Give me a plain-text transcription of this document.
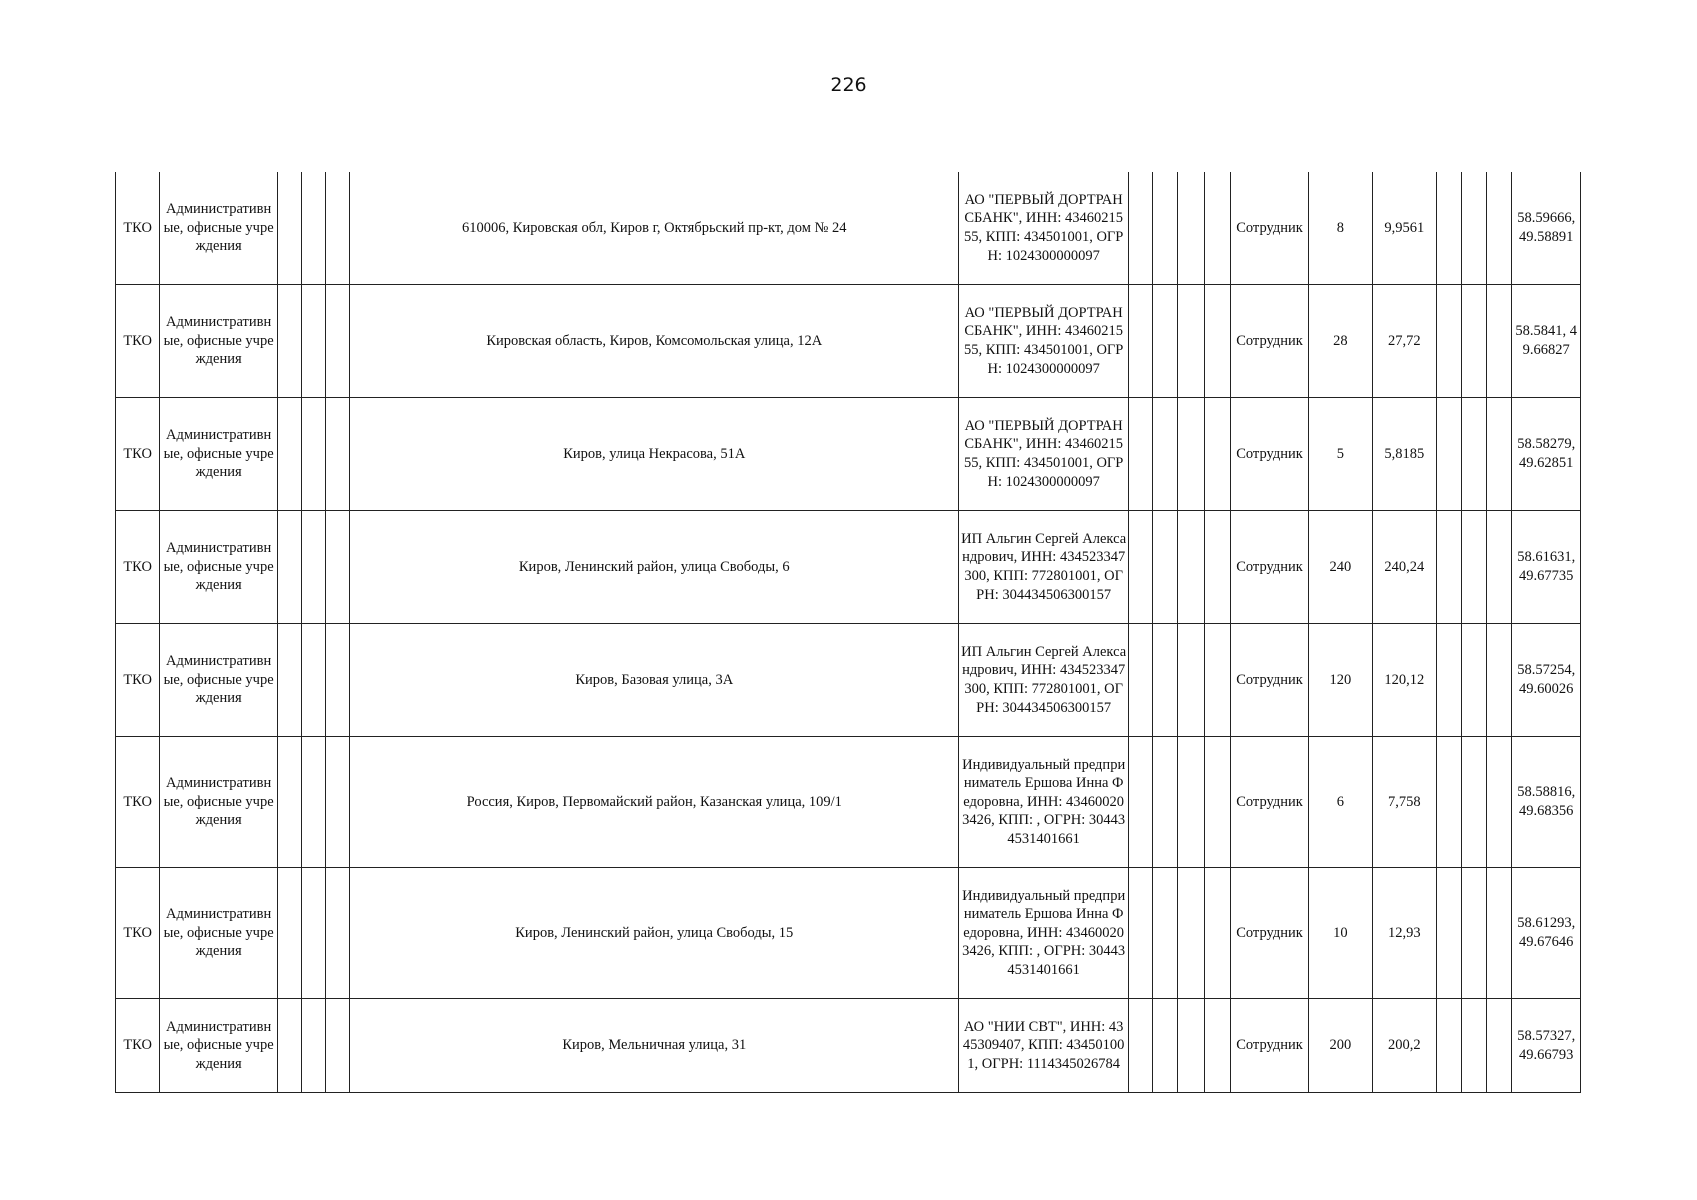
226
ТКО	Административные, офисные учреждения				610006, Кировская обл, Киров г, Октябрьский пр-кт, дом № 24	АО "ПЕРВЫЙ ДОРТРАНСБАНК", ИНН: 4346021555, КПП: 434501001, ОГРН: 1024300000097					Сотрудник	8	9,9561				58.59666, 49.58891
ТКО	Административные, офисные учреждения				Кировская область, Киров, Комсомольская улица, 12А	АО "ПЕРВЫЙ ДОРТРАНСБАНК", ИНН: 4346021555, КПП: 434501001, ОГРН: 1024300000097					Сотрудник	28	27,72				58.5841, 49.66827
ТКО	Административные, офисные учреждения				Киров, улица Некрасова, 51А	АО "ПЕРВЫЙ ДОРТРАНСБАНК", ИНН: 4346021555, КПП: 434501001, ОГРН: 1024300000097					Сотрудник	5	5,8185				58.58279, 49.62851
ТКО	Административные, офисные учреждения				Киров, Ленинский район, улица Свободы, 6	ИП Альгин Сергей Александрович, ИНН: 434523347300, КПП: 772801001, ОГРН: 304434506300157					Сотрудник	240	240,24				58.61631, 49.67735
ТКО	Административные, офисные учреждения				Киров, Базовая улица, 3А	ИП Альгин Сергей Александрович, ИНН: 434523347300, КПП: 772801001, ОГРН: 304434506300157					Сотрудник	120	120,12				58.57254, 49.60026
ТКО	Административные, офисные учреждения				Россия, Киров, Первомайский район, Казанская улица, 109/1	Индивидуальный предприниматель Ершова Инна Федоровна, ИНН: 434600203426, КПП: , ОГРН: 304434531401661					Сотрудник	6	7,758				58.58816, 49.68356
ТКО	Административные, офисные учреждения				Киров, Ленинский район, улица Свободы, 15	Индивидуальный предприниматель Ершова Инна Федоровна, ИНН: 434600203426, КПП: , ОГРН: 304434531401661					Сотрудник	10	12,93				58.61293, 49.67646
ТКО	Административные, офисные учреждения				Киров, Мельничная улица, 31	АО "НИИ СВТ", ИНН: 4345309407, КПП: 434501001, ОГРН: 1114345026784					Сотрудник	200	200,2				58.57327, 49.66793
